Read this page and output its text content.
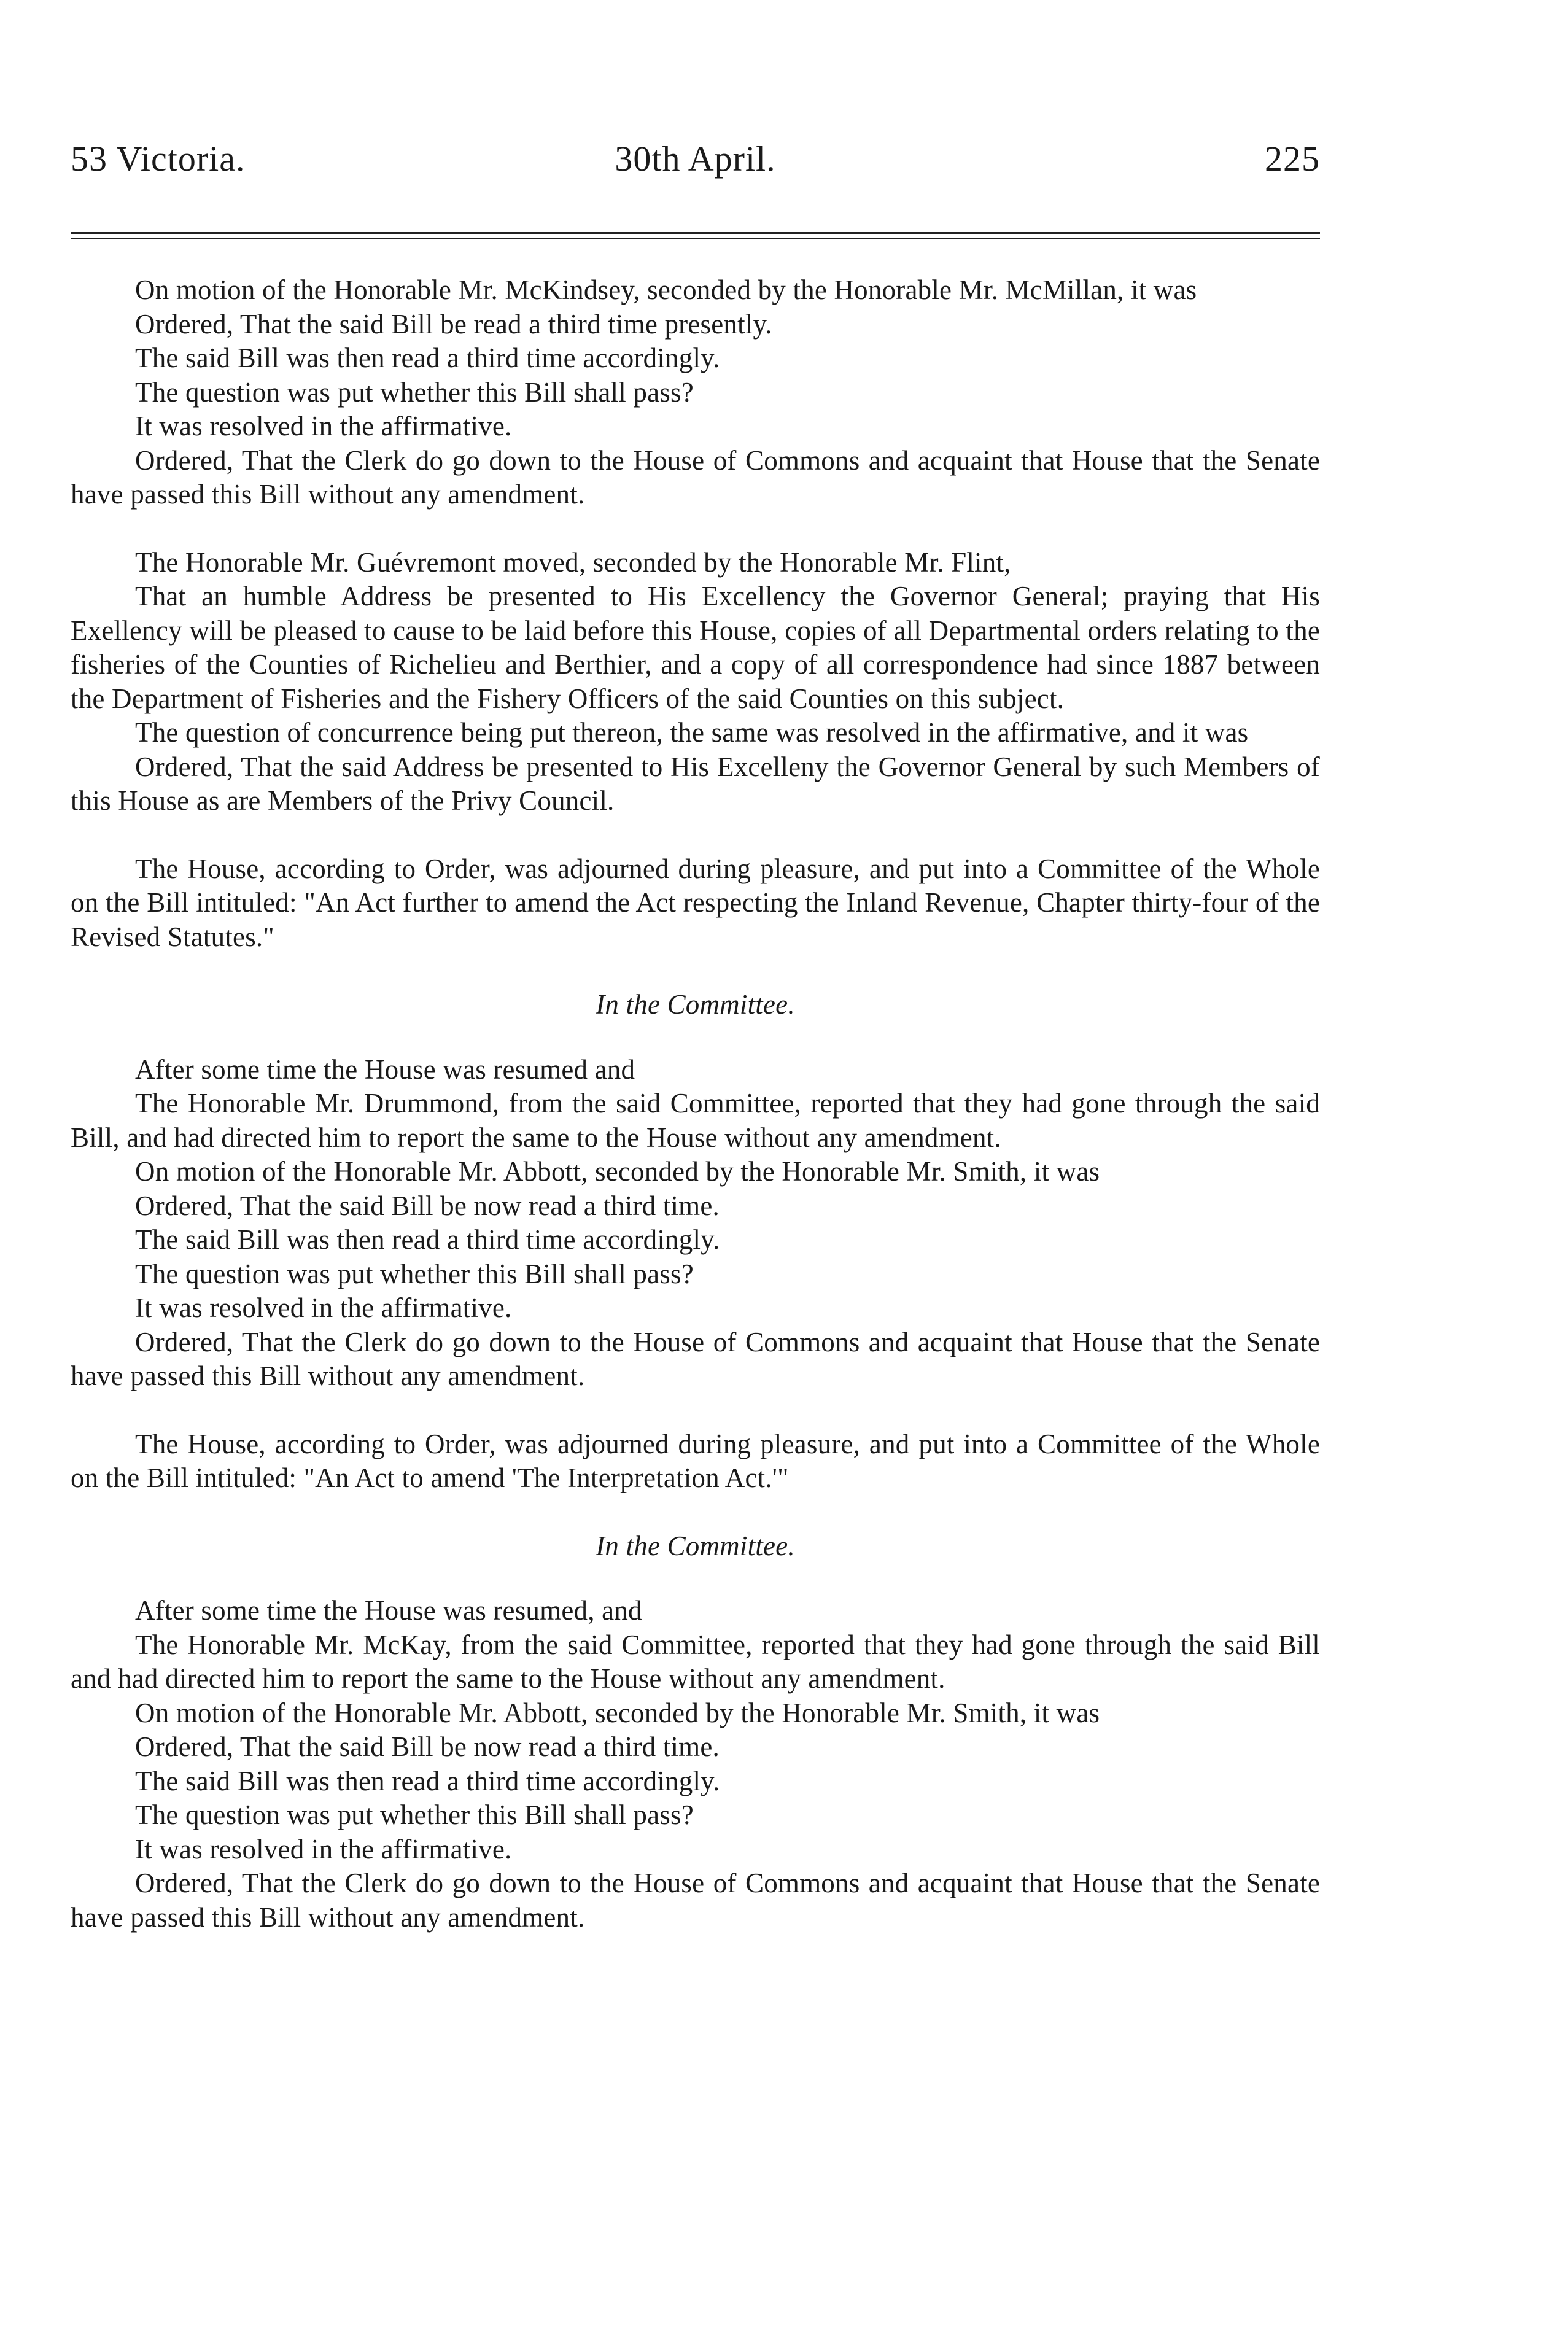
53 Victoria.	30th April.	225

On motion of the Honorable Mr. McKindsey, seconded by the Honorable Mr. McMillan, it was

Ordered, That the said Bill be read a third time presently.

The said Bill was then read a third time accordingly.

The question was put whether this Bill shall pass?

It was resolved in the affirmative.

Ordered, That the Clerk do go down to the House of Commons and acquaint that House that the Senate have passed this Bill without any amendment.

The Honorable Mr. Guévremont moved, seconded by the Honorable Mr. Flint,

That an humble Address be presented to His Excellency the Governor General; praying that His Exellency will be pleased to cause to be laid before this House, copies of all Departmental orders relating to the fisheries of the Counties of Richelieu and Berthier, and a copy of all correspondence had since 1887 between the Department of Fisheries and the Fishery Officers of the said Counties on this subject.

The question of concurrence being put thereon, the same was resolved in the affirmative, and it was

Ordered, That the said Address be presented to His Excelleny the Governor General by such Members of this House as are Members of the Privy Council.

The House, according to Order, was adjourned during pleasure, and put into a Committee of the Whole on the Bill intituled: "An Act further to amend the Act respecting the Inland Revenue, Chapter thirty-four of the Revised Statutes."

In the Committee.

After some time the House was resumed and

The Honorable Mr. Drummond, from the said Committee, reported that they had gone through the said Bill, and had directed him to report the same to the House without any amendment.

On motion of the Honorable Mr. Abbott, seconded by the Honorable Mr. Smith, it was

Ordered, That the said Bill be now read a third time.

The said Bill was then read a third time accordingly.

The question was put whether this Bill shall pass?

It was resolved in the affirmative.

Ordered, That the Clerk do go down to the House of Commons and acquaint that House that the Senate have passed this Bill without any amendment.

The House, according to Order, was adjourned during pleasure, and put into a Committee of the Whole on the Bill intituled: "An Act to amend 'The Interpretation Act.'"

In the Committee.

After some time the House was resumed, and

The Honorable Mr. McKay, from the said Committee, reported that they had gone through the said Bill and had directed him to report the same to the House without any amendment.

On motion of the Honorable Mr. Abbott, seconded by the Honorable Mr. Smith, it was

Ordered, That the said Bill be now read a third time.

The said Bill was then read a third time accordingly.

The question was put whether this Bill shall pass?

It was resolved in the affirmative.

Ordered, That the Clerk do go down to the House of Commons and acquaint that House that the Senate have passed this Bill without any amendment.
